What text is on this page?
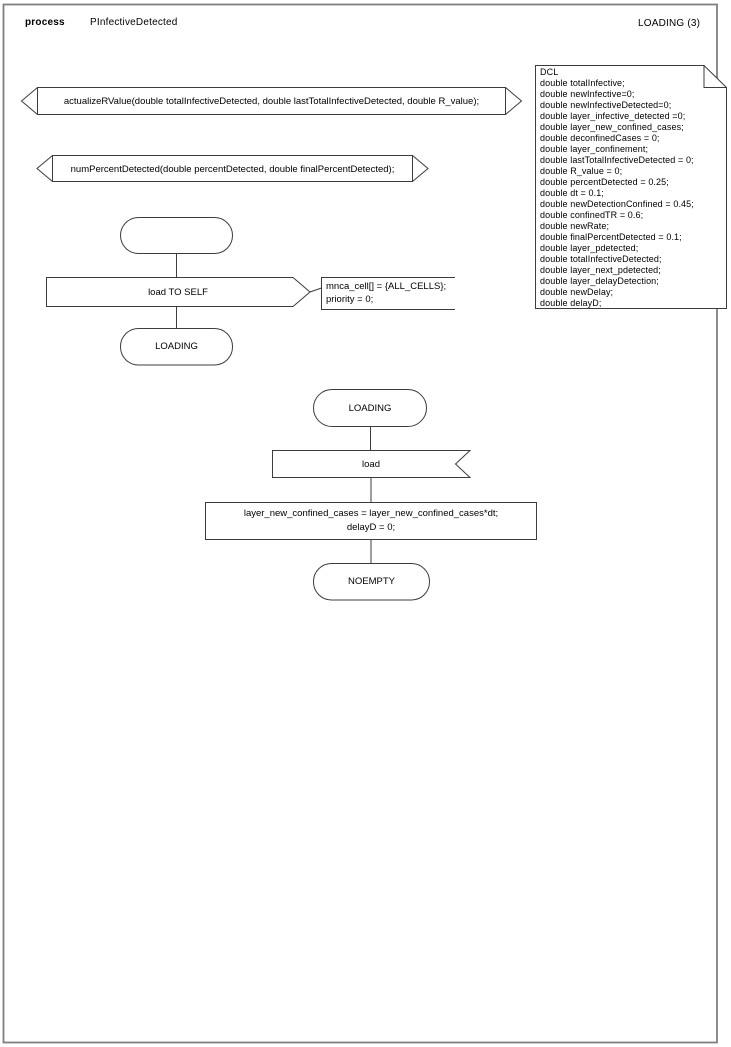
process	PInfectiveDetected	LOADING (3)
DCL
double totalInfective;
double newInfective=0;
double newInfectiveDetected=0;
double layer_infective_detected =0;
double layer_new_confined_cases;
double deconfinedCases = 0;
double layer_confinement;
double lastTotalInfectiveDetected = 0;
double R_value = 0;
double percentDetected = 0.25;
double dt = 0.1;
double newDetectionConfined = 0.45;
double confinedTR = 0.6;
double newRate;
double finalPercentDetected = 0.1;
double layer_pdetected;
double totalInfectiveDetected;
double layer_next_pdetected;
double layer_delayDetection;
double newDelay;
double delayD;
actualizeRValue(double totalInfectiveDetected, double lastTotalInfectiveDetected, double R_value);
numPercentDetected(double percentDetected, double finalPercentDetected);
load TO SELF	mnca_cell[] = {ALL_CELLS};
priority = 0;
LOADING
LOADING
load
layer_new_confined_cases = layer_new_confined_cases*dt;
delayD = 0;
NOEMPTY
